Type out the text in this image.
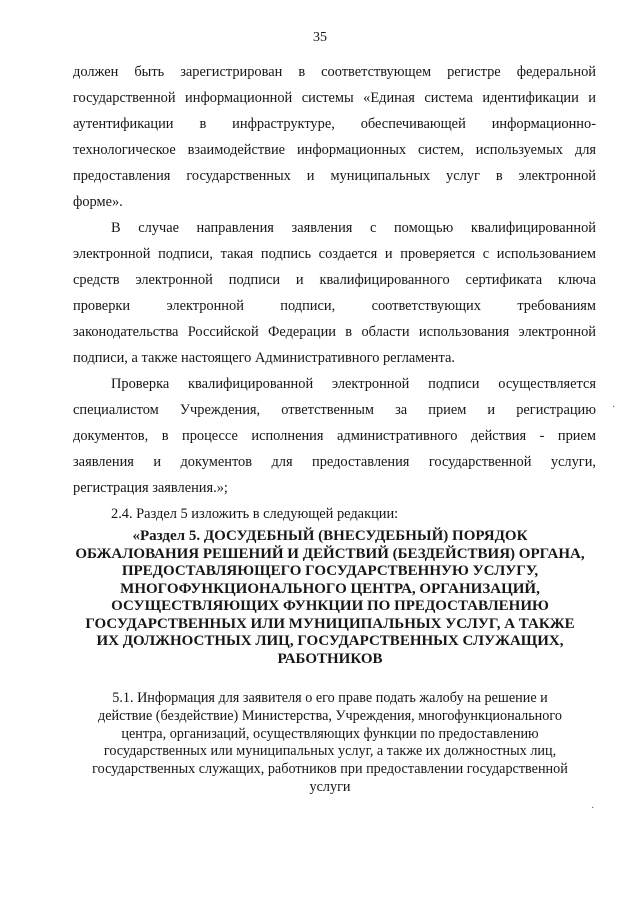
35
должен быть зарегистрирован в соответствующем регистре федеральной
государственной информационной системы «Единая система идентификации и
аутентификации в инфраструктуре, обеспечивающей информационно-
технологическое взаимодействие информационных систем, используемых для
предоставления государственных и муниципальных услуг в электронной
форме».
В случае направления заявления с помощью квалифицированной
электронной подписи, такая подпись создается и проверяется с использованием
средств электронной подписи и квалифицированного сертификата ключа
проверки электронной подписи, соответствующих требованиям
законодательства Российской Федерации в области использования электронной
подписи, а также настоящего Административного регламента.
Проверка квалифицированной электронной подписи осуществляется
специалистом Учреждения, ответственным за прием и регистрацию
документов, в процессе исполнения административного действия - прием
заявления и документов для предоставления государственной услуги,
регистрация заявления.»;
2.4. Раздел 5 изложить в следующей редакции:
«Раздел 5. ДОСУДЕБНЫЙ (ВНЕСУДЕБНЫЙ) ПОРЯДОК
ОБЖАЛОВАНИЯ РЕШЕНИЙ И ДЕЙСТВИЙ (БЕЗДЕЙСТВИЯ) ОРГАНА,
ПРЕДОСТАВЛЯЮЩЕГО ГОСУДАРСТВЕННУЮ УСЛУГУ,
МНОГОФУНКЦИОНАЛЬНОГО ЦЕНТРА, ОРГАНИЗАЦИЙ,
ОСУЩЕСТВЛЯЮЩИХ ФУНКЦИИ ПО ПРЕДОСТАВЛЕНИЮ
ГОСУДАРСТВЕННЫХ ИЛИ МУНИЦИПАЛЬНЫХ УСЛУГ, А ТАКЖЕ
ИХ ДОЛЖНОСТНЫХ ЛИЦ, ГОСУДАРСТВЕННЫХ СЛУЖАЩИХ,
РАБОТНИКОВ
5.1. Информация для заявителя о его праве подать жалобу на решение и
действие (бездействие) Министерства, Учреждения, многофункционального
центра, организаций, осуществляющих функции по предоставлению
государственных или муниципальных услуг, а также их должностных лиц,
государственных служащих, работников при предоставлении государственной
услуги
·
·
